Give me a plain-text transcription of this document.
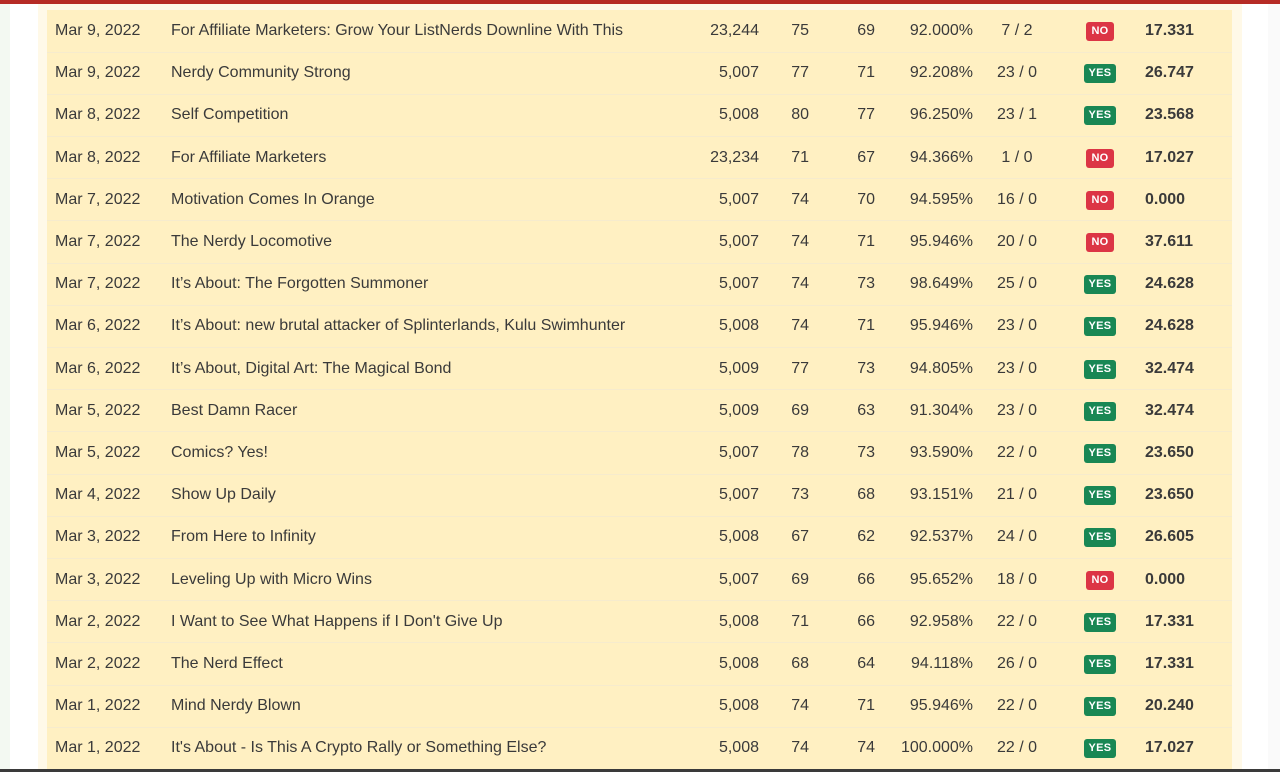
Mar 9, 2022	For Affiliate Marketers: Grow Your ListNerds Downline With This	23,244	75	69	92.000%	7 / 2	NO	17.331
Mar 9, 2022	Nerdy Community Strong	5,007	77	71	92.208%	23 / 0	YES	26.747
Mar 8, 2022	Self Competition	5,008	80	77	96.250%	23 / 1	YES	23.568
Mar 8, 2022	For Affiliate Marketers	23,234	71	67	94.366%	1 / 0	NO	17.027
Mar 7, 2022	Motivation Comes In Orange	5,007	74	70	94.595%	16 / 0	NO	0.000
Mar 7, 2022	The Nerdy Locomotive	5,007	74	71	95.946%	20 / 0	NO	37.611
Mar 7, 2022	It’s About: The Forgotten Summoner	5,007	74	73	98.649%	25 / 0	YES	24.628
Mar 6, 2022	It’s About: new brutal attacker of Splinterlands, Kulu Swimhunter	5,008	74	71	95.946%	23 / 0	YES	24.628
Mar 6, 2022	It’s About, Digital Art: The Magical Bond	5,009	77	73	94.805%	23 / 0	YES	32.474
Mar 5, 2022	Best Damn Racer	5,009	69	63	91.304%	23 / 0	YES	32.474
Mar 5, 2022	Comics? Yes!	5,007	78	73	93.590%	22 / 0	YES	23.650
Mar 4, 2022	Show Up Daily	5,007	73	68	93.151%	21 / 0	YES	23.650
Mar 3, 2022	From Here to Infinity	5,008	67	62	92.537%	24 / 0	YES	26.605
Mar 3, 2022	Leveling Up with Micro Wins	5,007	69	66	95.652%	18 / 0	NO	0.000
Mar 2, 2022	I Want to See What Happens if I Don't Give Up	5,008	71	66	92.958%	22 / 0	YES	17.331
Mar 2, 2022	The Nerd Effect	5,008	68	64	94.118%	26 / 0	YES	17.331
Mar 1, 2022	Mind Nerdy Blown	5,008	74	71	95.946%	22 / 0	YES	20.240
Mar 1, 2022	It's About - Is This A Crypto Rally or Something Else?	5,008	74	74	100.000%	22 / 0	YES	17.027
